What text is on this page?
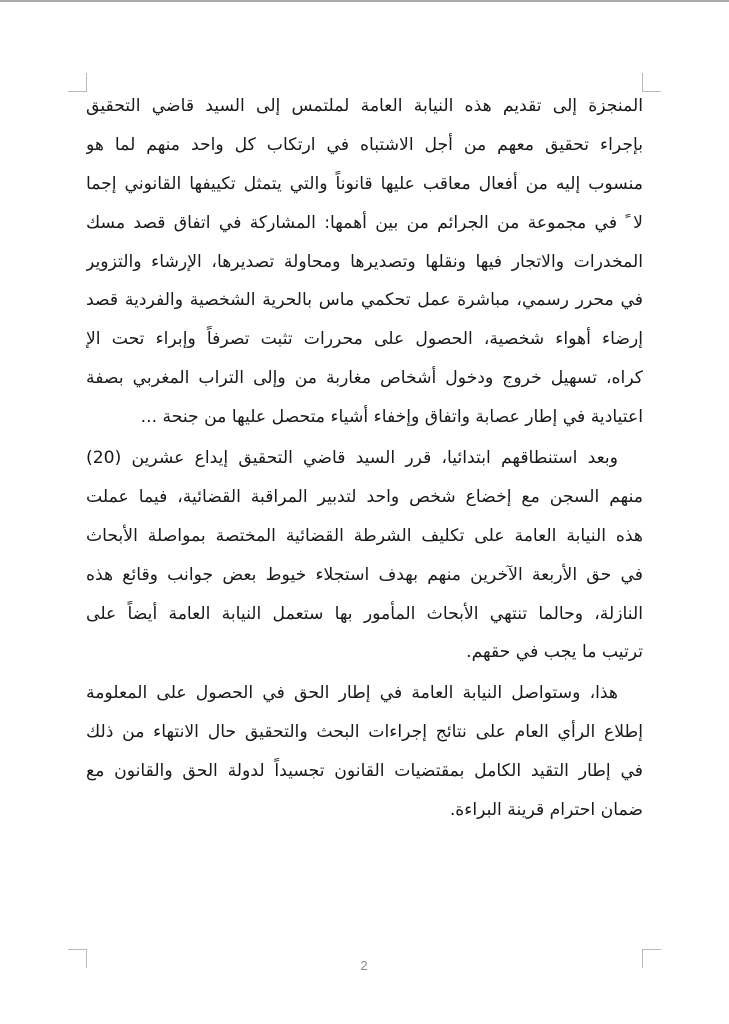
المنجزة إلى تقديم هذه النيابة العامة لملتمس إلى السيد قاضي التحقيق
بإجراء تحقيق معهم من أجل الاشتباه في ارتكاب كل واحد منهم لما هو
منسوب إليه من أفعال معاقب عليها قانوناً والتي يتمثل تكييفها القانوني إجما
لا ً في مجموعة من الجرائم من بين أهمها: المشاركة في اتفاق قصد مسك
المخدرات والاتجار فيها ونقلها وتصديرها ومحاولة تصديرها، الإرشاء والتزوير
في محرر رسمي، مباشرة عمل تحكمي ماس بالحرية الشخصية والفردية قصد
إرضاء أهواء شخصية، الحصول على محررات تثبت تصرفاً وإبراء تحت الإ
كراه، تسهيل خروج ودخول أشخاص مغاربة من وإلى التراب المغربي بصفة
اعتيادية في إطار عصابة واتفاق وإخفاء أشياء متحصل عليها من جنحة ...
وبعد استنطاقهم ابتدائيا، قرر السيد قاضي التحقيق إيداع عشرين (20)
منهم السجن مع إخضاع شخص واحد لتدبير المراقبة القضائية، فيما عملت
هذه النيابة العامة على تكليف الشرطة القضائية المختصة بمواصلة الأبحاث
في حق الأربعة الآخرين منهم بهدف استجلاء خيوط بعض جوانب وقائع هذه
النازلة، وحالما تنتهي الأبحاث المأمور بها ستعمل النيابة العامة أيضاً على
ترتيب ما يجب في حقهم.
هذا، وستواصل النيابة العامة في إطار الحق في الحصول على المعلومة
إطلاع الرأي العام على نتائج إجراءات البحث والتحقيق حال الانتهاء من ذلك
في إطار التقيد الكامل بمقتضيات القانون تجسيداً لدولة الحق والقانون مع
ضمان احترام قرينة البراءة.
2
